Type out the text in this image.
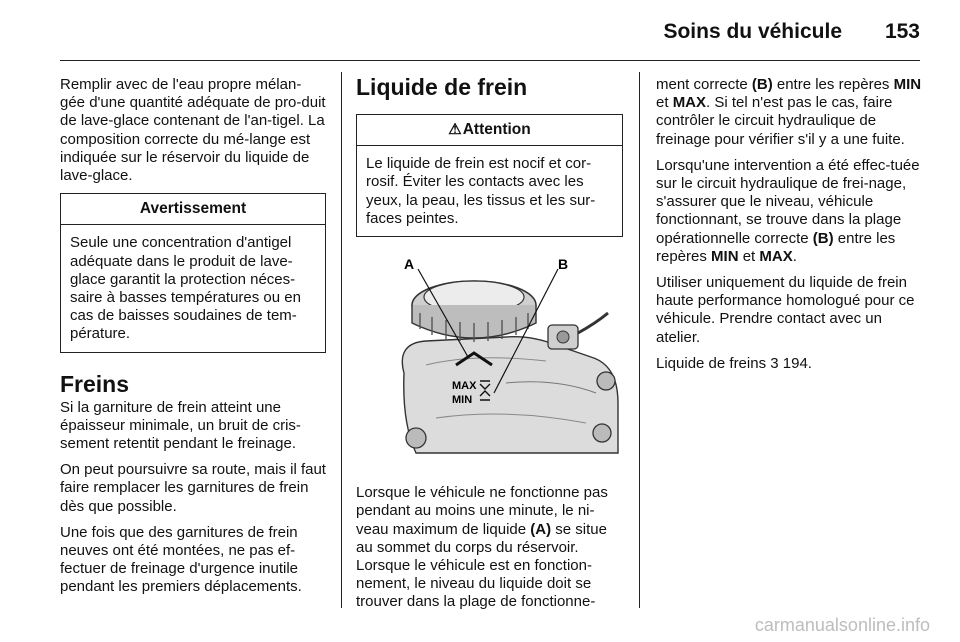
Soins du véhicule 153

Remplir avec de l'eau propre mélan-gée d'une quantité adéquate de pro-duit de lave-glace contenant de l'an-tigel. La composition correcte du mé-lange est indiquée sur le réservoir du liquide de lave-glace.

Avertissement
Seule une concentration d'antigel adéquate dans le produit de lave-glace garantit la protection néces-saire à basses températures ou en cas de baisses soudaines de tem-pérature.
Freins

Si la garniture de frein atteint une épaisseur minimale, un bruit de cris-sement retentit pendant le freinage.

On peut poursuivre sa route, mais il faut faire remplacer les garnitures de frein dès que possible.

Une fois que des garnitures de frein neuves ont été montées, ne pas ef-fectuer de freinage d'urgence inutile pendant les premiers déplacements.

Liquide de frein
⚠Attention
Le liquide de frein est nocif et cor-rosif. Éviter les contacts avec les yeux, la peau, les tissus et les sur-faces peintes.
MAX
MIN
A	B

Lorsque le véhicule ne fonctionne pas pendant au moins une minute, le ni-veau maximum de liquide (A) se situe au sommet du corps du réservoir. Lorsque le véhicule est en fonction-nement, le niveau du liquide doit se trouver dans la plage de fonctionne-

ment correcte (B) entre les repères MIN et MAX. Si tel n'est pas le cas, faire contrôler le circuit hydraulique de freinage pour vérifier s'il y a une fuite.

Lorsqu'une intervention a été effec-tuée sur le circuit hydraulique de frei-nage, s'assurer que le niveau, véhicule fonctionnant, se trouve dans la plage opérationnelle correcte (B) entre les repères MIN et MAX.

Utiliser uniquement du liquide de frein haute performance homologué pour ce véhicule. Prendre contact avec un atelier.

Liquide de freins 3 194.

carmanualsonline.info
